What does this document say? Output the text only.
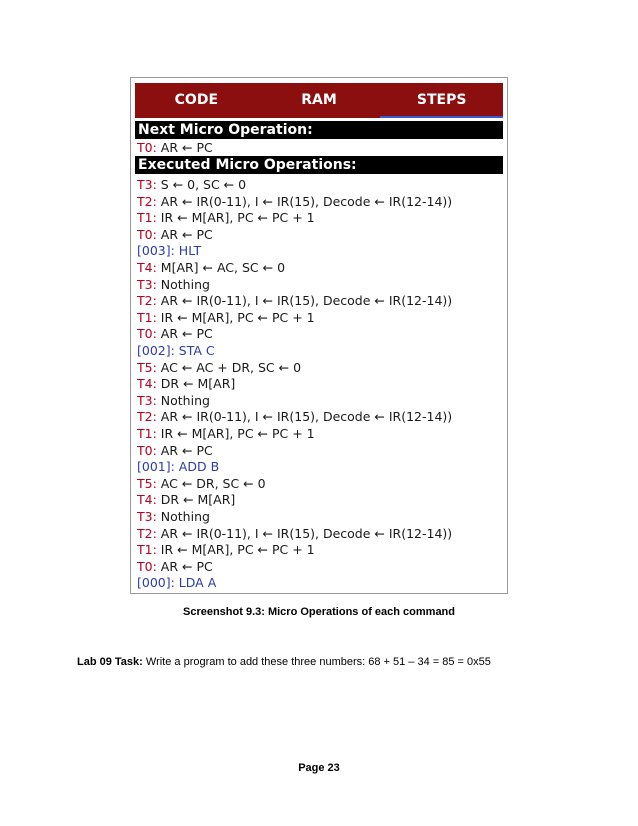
CODE	RAM	STEPS
Next Micro Operation:
T0: AR ← PC
Executed Micro Operations:
T3: S ← 0, SC ← 0
T2: AR ← IR(0-11), I ← IR(15), Decode ← IR(12-14))
T1: IR ← M[AR], PC ← PC + 1
T0: AR ← PC
[003]: HLT
T4: M[AR] ← AC, SC ← 0
T3: Nothing
T2: AR ← IR(0-11), I ← IR(15), Decode ← IR(12-14))
T1: IR ← M[AR], PC ← PC + 1
T0: AR ← PC
[002]: STA C
T5: AC ← AC + DR, SC ← 0
T4: DR ← M[AR]
T3: Nothing
T2: AR ← IR(0-11), I ← IR(15), Decode ← IR(12-14))
T1: IR ← M[AR], PC ← PC + 1
T0: AR ← PC
[001]: ADD B
T5: AC ← DR, SC ← 0
T4: DR ← M[AR]
T3: Nothing
T2: AR ← IR(0-11), I ← IR(15), Decode ← IR(12-14))
T1: IR ← M[AR], PC ← PC + 1
T0: AR ← PC
[000]: LDA A
Screenshot 9.3: Micro Operations of each command
Lab 09 Task: Write a program to add these three numbers: 68 + 51 – 34 = 85 = 0x55
Page 23
